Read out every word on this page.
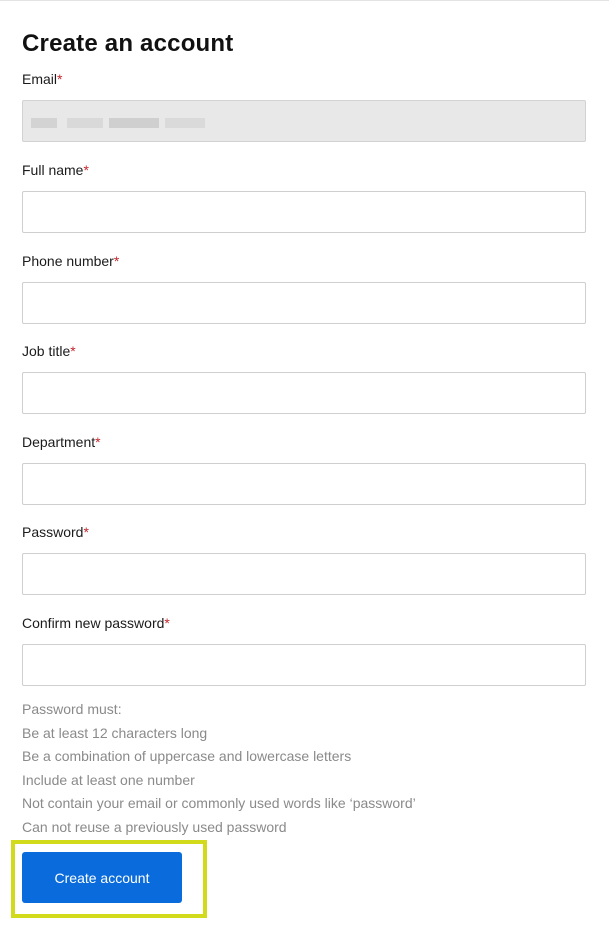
Create an account
Email*
Full name*
Phone number*
Job title*
Department*
Password*
Confirm new password*
Password must:
Be at least 12 characters long
Be a combination of uppercase and lowercase letters
Include at least one number
Not contain your email or commonly used words like ‘password’
Can not reuse a previously used password
Create account
